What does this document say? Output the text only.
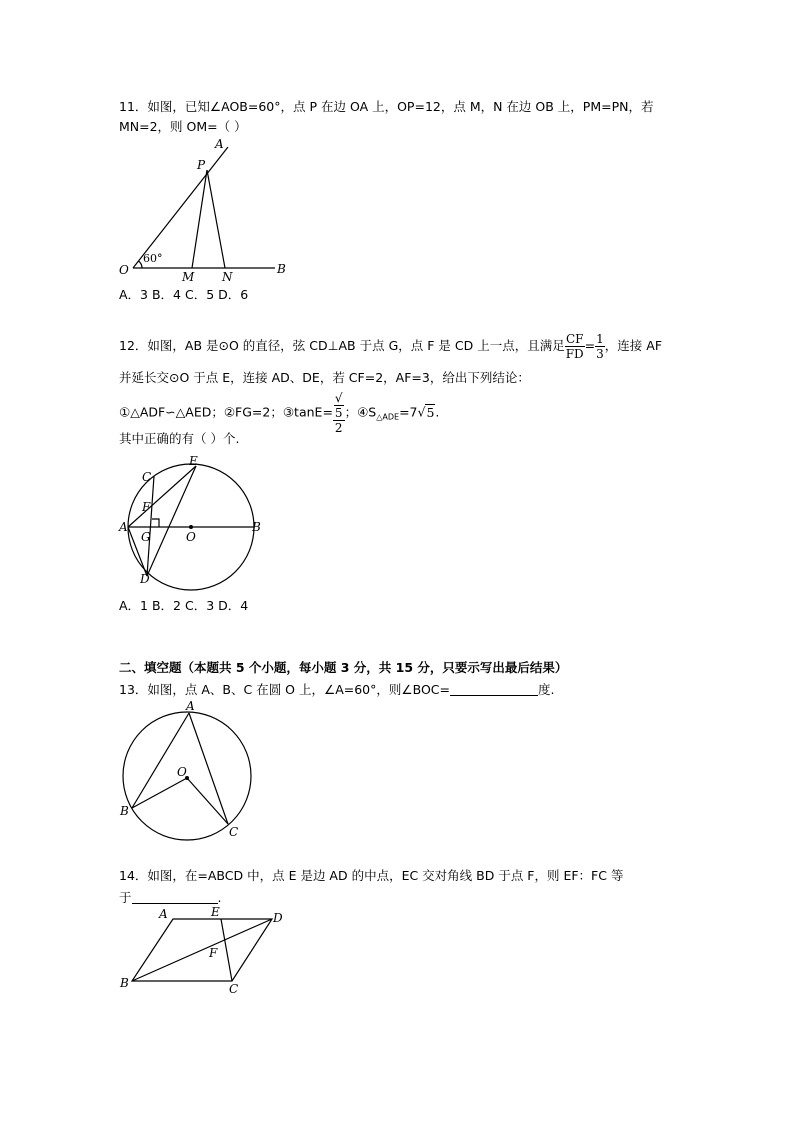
11．如图，已知∠AOB=60°，点 P 在边 OA 上，OP=12，点 M，N 在边 OB 上，PM=PN，若
MN=2，则 OM=（ ）
A
P
O
60°
M N
B
A．3 B．4 C．5 D．6
12．如图，AB 是⊙O 的直径，弦 CD⊥AB 于点 G，点 F 是 CD 上一点，且满足 $\frac{CF}{FD} = \frac{1}{3}$ ，连接 AF
并延长交⊙O 于点 E，连接 AD、DE，若 CF=2，AF=3，给出下列结论：
①△ADF∽△AED；②FG=2；③tanE= √
5
2 ；$④S_{\triangle ADE}=7√5$.
其中正确的有（ ）个.
C
E
F
A
G	O
B
D
A．1 B．2 C．3 D．4
二、填空题（本题共 5 个小题，每小题 3 分，共 15 分，只要示写出最后结果）
13．如图，点 A、B、C 在圆 O 上，∠A=60°，则∠BOC=	度.
A
O
B
C
14．如图，在=ABCD 中，点 E 是边 AD 的中点，EC 交对角线 BD 于点 F，则 EF：FC 等
于	.
A	E	D
F
B	C
